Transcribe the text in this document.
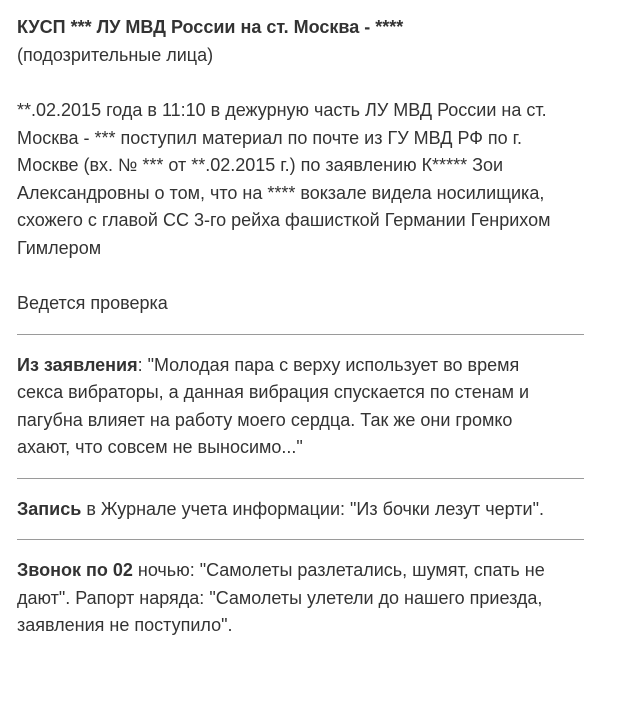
КУСП *** ЛУ МВД России на ст. Москва - ****
(подозрительные лица)
**.02.2015 года в 11:10 в дежурную часть ЛУ МВД России на ст.
Москва - *** поступил материал по почте из ГУ МВД РФ по г.
Москве (вх. № *** от **.02.2015 г.) по заявлению К***** Зои
Александровны о том, что на **** вокзале видела носилищика,
схожего с главой СС 3-го рейха фашисткой Германии Генрихом
Гимлером
Ведется проверка
Из заявления: "Молодая пара с верху использует во время
секса вибраторы, а данная вибрация спускается по стенам и
пагубна влияет на работу моего сердца. Так же они громко
ахают, что совсем не выносимо..."
Запись в Журнале учета информации: "Из бочки лезут черти".
Звонок по 02 ночью: "Самолеты разлетались, шумят, спать не
дают". Рапорт наряда: "Самолеты улетели до нашего приезда,
заявления не поступило".
